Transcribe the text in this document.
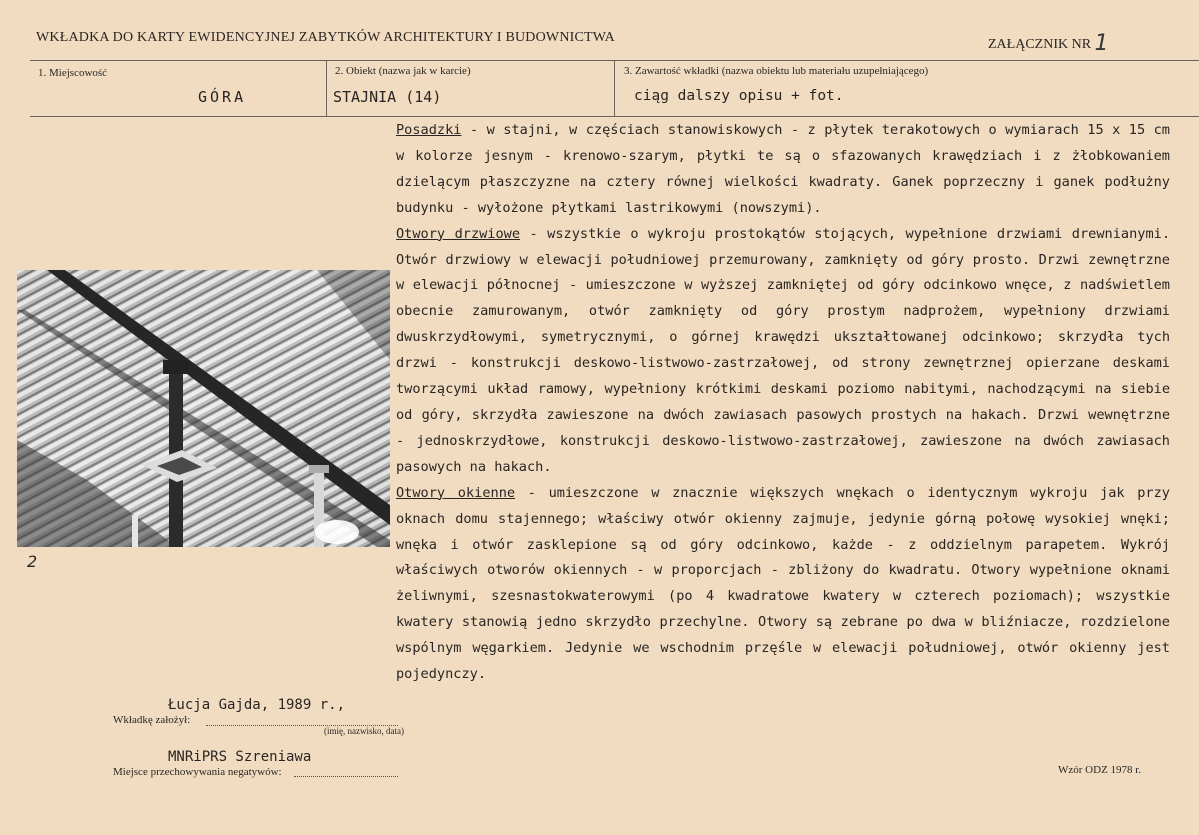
WKŁADKA DO KARTY EWIDENCYJNEJ ZABYTKÓW ARCHITEKTURY I BUDOWNICTWA	ZAŁĄCZNIK NR 1
1. Miejscowość
GÓRA
2. Obiekt (nazwa jak w karcie)
STAJNIA (14)
3. Zawartość wkładki (nazwa obiektu lub materiału uzupełniającego)
ciąg dalszy opisu + fot.
2
Posadzki - w stajni, w częściach stanowiskowych - z płytek terakotowych o wymiarach 15 x 15 cm w kolorze jesnym - krenowo-szarym, płytki te są o sfazowanych krawędziach i z żłobkowaniem dzielącym płaszczyzne na cztery równej wielkości kwadraty. Ganek poprzeczny i ganek podłużny budynku - wyłożone płytkami lastrikowymi (nowszymi).
Otwory drzwiowe - wszystkie o wykroju prostokątów stojących, wypełnione drzwiami drewnianymi. Otwór drzwiowy w elewacji południowej przemurowany, zamknięty od góry prosto. Drzwi zewnętrzne w elewacji północnej - umieszczone w wyższej zamkniętej od góry odcinkowo wnęce, z nadświetlem obecnie zamurowanym, otwór zamknięty od góry prostym nadprożem, wypełniony drzwiami dwuskrzydłowymi, symetrycznymi, o górnej krawędzi ukształtowanej odcinkowo; skrzydła tych drzwi - konstrukcji deskowo-listwowo-zastrzałowej, od strony zewnętrznej opierzane deskami tworzącymi układ ramowy, wypełniony krótkimi deskami poziomo nabitymi, nachodzącymi na siebie od góry, skrzydła zawieszone na dwóch zawiasach pasowych prostych na hakach. Drzwi wewnętrzne - jednoskrzydłowe, konstrukcji deskowo-listwowo-zastrzałowej, zawieszone na dwóch zawiasach pasowych na hakach.
Otwory okienne - umieszczone w znacznie większych wnękach o identycznym wykroju jak przy oknach domu stajennego; właściwy otwór okienny zajmuje, jedynie górną połowę wysokiej wnęki; wnęka i otwór zasklepione są od góry odcinkowo, każde - z oddzielnym parapetem. Wykrój właściwych otworów okiennych - w proporcjach - zbliżony do kwadratu. Otwory wypełnione oknami żeliwnymi, szesnastokwaterowymi (po 4 kwadratowe kwatery w czterech poziomach); wszystkie kwatery stanowią jedno skrzydło przechylne. Otwory są zebrane po dwa w bliźniacze, rozdzielone wspólnym węgarkiem. Jedynie we wschodnim przęśle w elewacji południowej, otwór okienny jest pojedynczy.
Łucja Gajda, 1989 r.,
Wkładkę założył:
(imię, nazwisko, data)
MNRiPRS Szreniawa
Miejsce przechowywania negatywów:	Wzór ODZ 1978 r.
